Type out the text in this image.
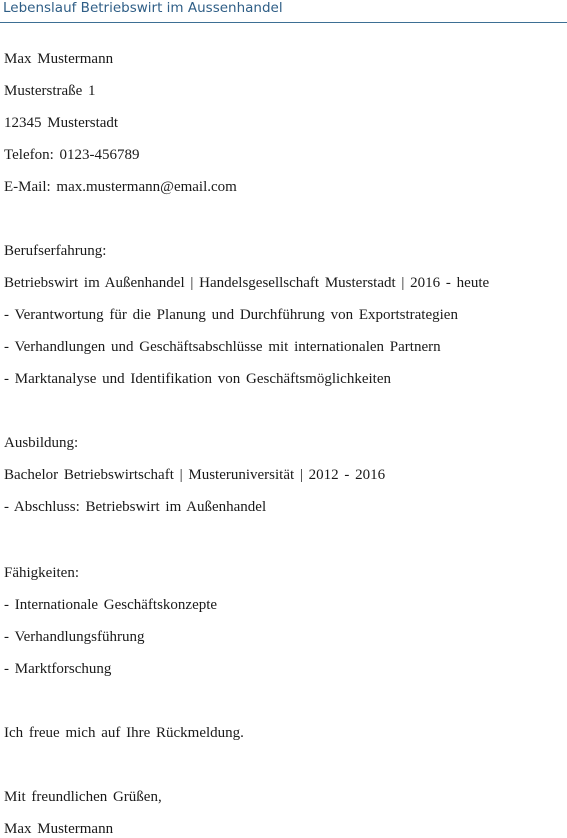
Lebenslauf Betriebswirt im Aussenhandel
Max Mustermann
Musterstraße 1
12345 Musterstadt
Telefon: 0123-456789
E-Mail: max.mustermann@email.com
Berufserfahrung:
Betriebswirt im Außenhandel | Handelsgesellschaft Musterstadt | 2016 - heute
- Verantwortung für die Planung und Durchführung von Exportstrategien
- Verhandlungen und Geschäftsabschlüsse mit internationalen Partnern
- Marktanalyse und Identifikation von Geschäftsmöglichkeiten
Ausbildung:
Bachelor Betriebswirtschaft | Musteruniversität | 2012 - 2016
- Abschluss: Betriebswirt im Außenhandel
Fähigkeiten:
- Internationale Geschäftskonzepte
- Verhandlungsführung
- Marktforschung
Ich freue mich auf Ihre Rückmeldung.
Mit freundlichen Grüßen,
Max Mustermann
